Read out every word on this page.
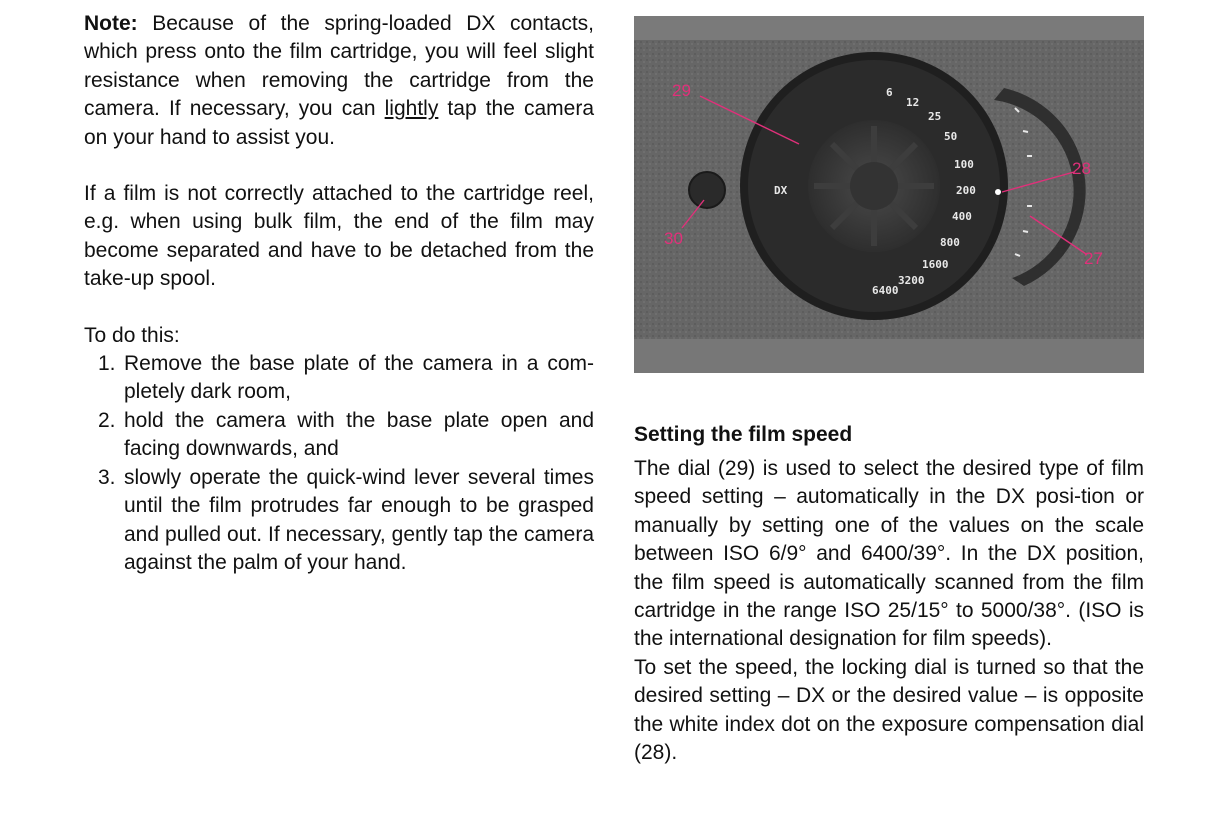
Note: Because of the spring-loaded DX contacts, which press onto the film cartridge, you will feel slight resistance when removing the cartridge from the camera. If necessary, you can lightly tap the camera on your hand to assist you.

If a film is not correctly attached to the cartridge reel, e.g. when using bulk film, the end of the film may become separated and have to be detached from the take-up spool.

To do this:

1. Remove the base plate of the camera in a com-pletely dark room,
2. hold the camera with the base plate open and facing downwards, and
3. slowly operate the quick-wind lever several times until the film protrudes far enough to be grasped and pulled out. If necessary, gently tap the camera against the palm of your hand.
DX
6
12
25
50
100
200
400
800
1600
3200
6400
29
28
27
30
Setting the film speed

The dial (29) is used to select the desired type of film speed setting – automatically in the DX posi-tion or manually by setting one of the values on the scale between ISO 6/9° and 6400/39°. In the DX position, the film speed is automatically scanned from the film cartridge in the range ISO 25/15° to 5000/38°. (ISO is the international designation for film speeds).

To set the speed, the locking dial is turned so that the desired setting – DX or the desired value – is opposite the white index dot on the exposure compensation dial (28).
